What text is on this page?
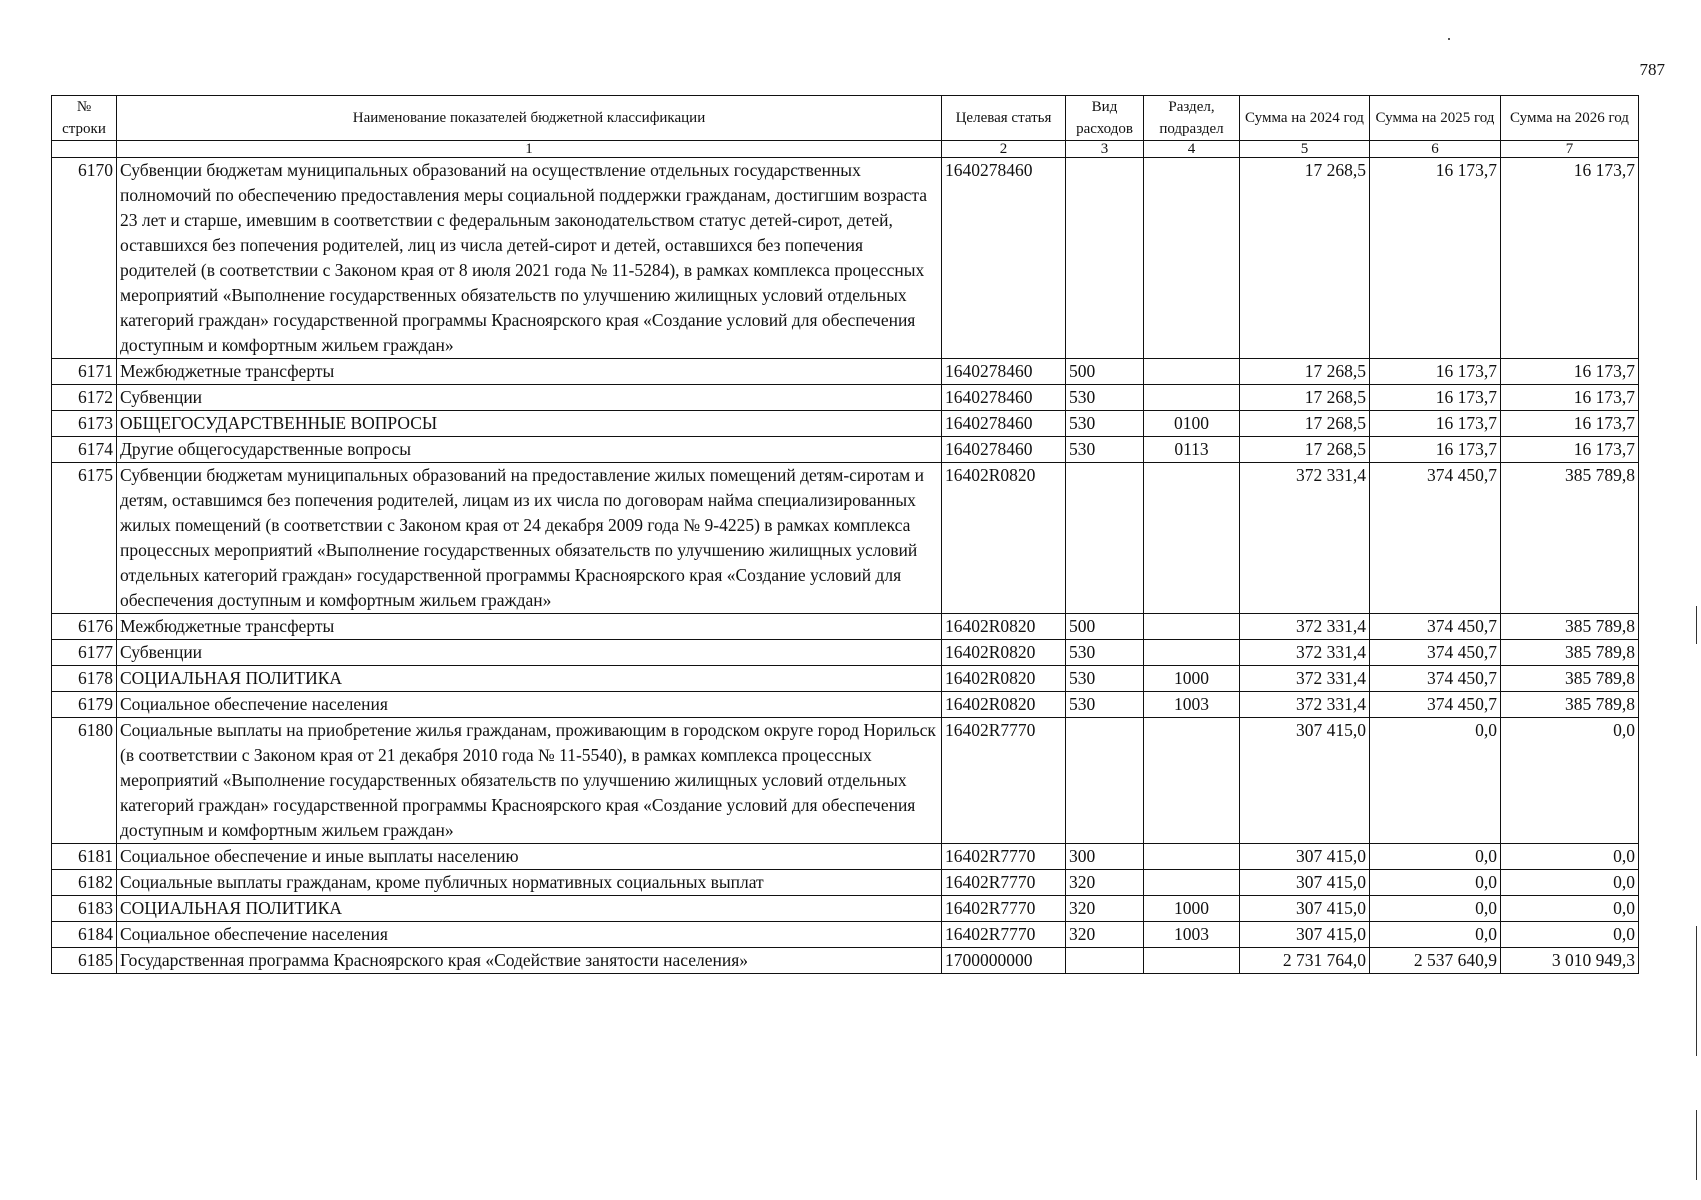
787
№ строки	Наименование показателей бюджетной классификации	Целевая статья	Вид расходов	Раздел, подраздел	Сумма на 2024 год	Сумма на 2025 год	Сумма на 2026 год
	1	2	3	4	5	6	7
6170	Субвенции бюджетам муниципальных образований на осуществление отдельных государственных полномочий по обеспечению предоставления меры социальной поддержки гражданам, достигшим возраста 23 лет и старше, имевшим в соответствии с федеральным законодательством статус детей-сирот, детей, оставшихся без попечения родителей, лиц из числа детей-сирот и детей, оставшихся без попечения родителей (в соответствии с Законом края от 8 июля 2021 года № 11-5284), в рамках комплекса процессных мероприятий «Выполнение государственных обязательств по улучшению жилищных условий отдельных категорий граждан» государственной программы Красноярского края «Создание условий для обеспечения доступным и комфортным жильем граждан»	1640278460			17 268,5	16 173,7	16 173,7
6171	Межбюджетные трансферты	1640278460	500		17 268,5	16 173,7	16 173,7
6172	Субвенции	1640278460	530		17 268,5	16 173,7	16 173,7
6173	ОБЩЕГОСУДАРСТВЕННЫЕ ВОПРОСЫ	1640278460	530	0100	17 268,5	16 173,7	16 173,7
6174	Другие общегосударственные вопросы	1640278460	530	0113	17 268,5	16 173,7	16 173,7
6175	Субвенции бюджетам муниципальных образований на предоставление жилых помещений детям-сиротам и детям, оставшимся без попечения родителей, лицам из их числа по договорам найма специализированных жилых помещений (в соответствии с Законом края от 24 декабря 2009 года № 9-4225) в рамках комплекса процессных мероприятий «Выполнение государственных обязательств по улучшению жилищных условий отдельных категорий граждан» государственной программы Красноярского края «Создание условий для обеспечения доступным и комфортным жильем граждан»	16402R0820			372 331,4	374 450,7	385 789,8
6176	Межбюджетные трансферты	16402R0820	500		372 331,4	374 450,7	385 789,8
6177	Субвенции	16402R0820	530		372 331,4	374 450,7	385 789,8
6178	СОЦИАЛЬНАЯ ПОЛИТИКА	16402R0820	530	1000	372 331,4	374 450,7	385 789,8
6179	Социальное обеспечение населения	16402R0820	530	1003	372 331,4	374 450,7	385 789,8
6180	Социальные выплаты на приобретение жилья гражданам, проживающим в городском округе город Норильск (в соответствии с Законом края от 21 декабря 2010 года № 11-5540), в рамках комплекса процессных мероприятий «Выполнение государственных обязательств по улучшению жилищных условий отдельных категорий граждан» государственной программы Красноярского края «Создание условий для обеспечения доступным и комфортным жильем граждан»	16402R7770			307 415,0	0,0	0,0
6181	Социальное обеспечение и иные выплаты населению	16402R7770	300		307 415,0	0,0	0,0
6182	Социальные выплаты гражданам, кроме публичных нормативных социальных выплат	16402R7770	320		307 415,0	0,0	0,0
6183	СОЦИАЛЬНАЯ ПОЛИТИКА	16402R7770	320	1000	307 415,0	0,0	0,0
6184	Социальное обеспечение населения	16402R7770	320	1003	307 415,0	0,0	0,0
6185	Государственная программа Красноярского края «Содействие занятости населения»	1700000000			2 731 764,0	2 537 640,9	3 010 949,3
